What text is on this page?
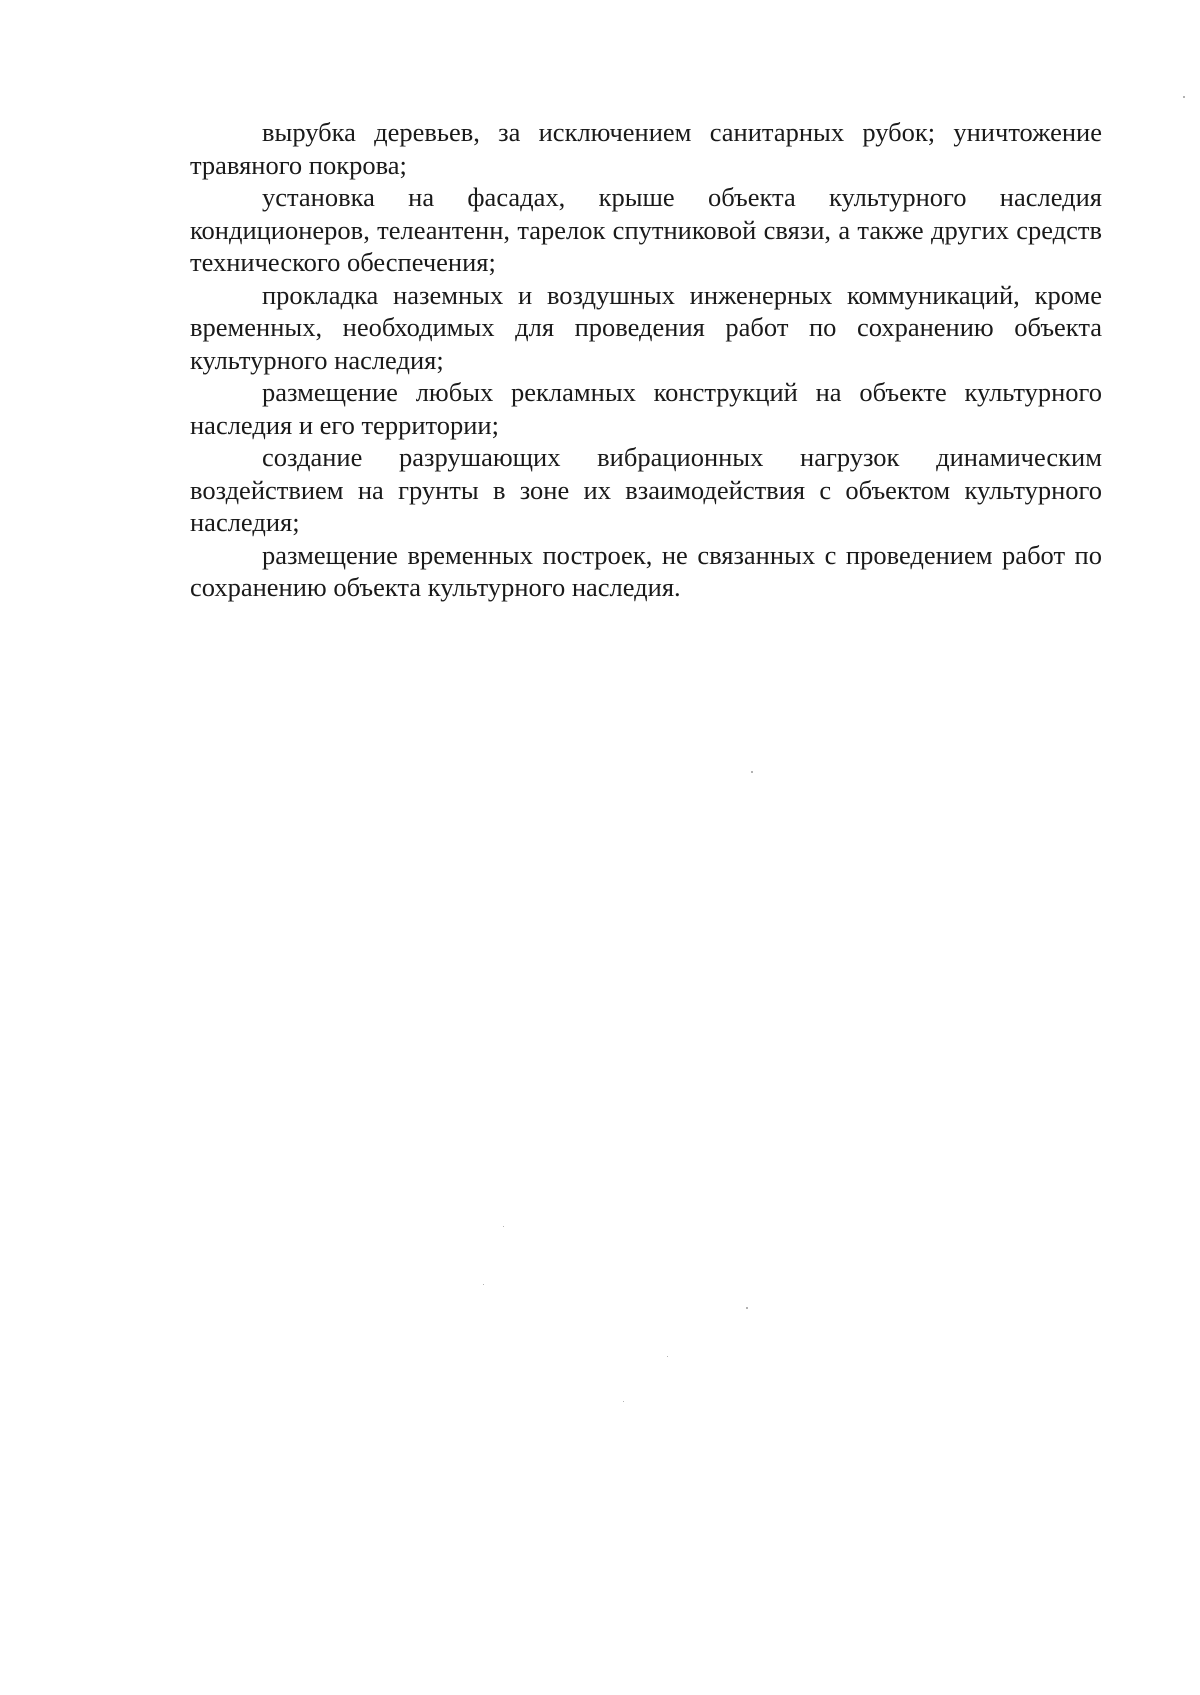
вырубка деревьев, за исключением санитарных рубок; уничтожение травяного покрова;

установка на фасадах, крыше объекта культурного наследия кондиционеров, телеантенн, тарелок спутниковой связи, а также других средств технического обеспечения;

прокладка наземных и воздушных инженерных коммуникаций, кроме временных, необходимых для проведения работ по сохранению объекта культурного наследия;

размещение любых рекламных конструкций на объекте культурного наследия и его территории;

создание разрушающих вибрационных нагрузок динамическим воздействием на грунты в зоне их взаимодействия с объектом культурного наследия;

размещение временных построек, не связанных с проведением работ по сохранению объекта культурного наследия.
